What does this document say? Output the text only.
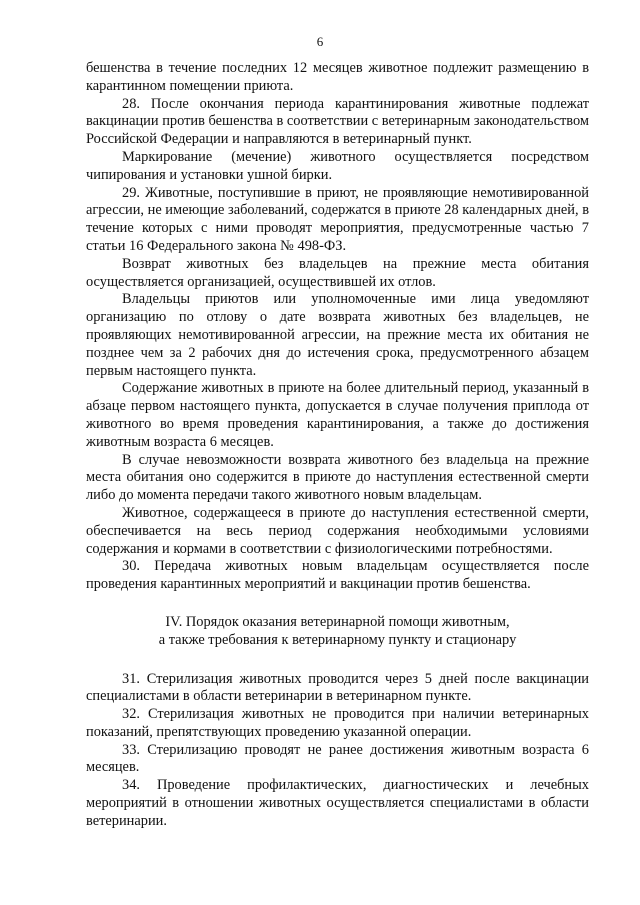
6

бешенства в течение последних 12 месяцев животное подлежит размещению в карантинном помещении приюта.

28. После окончания периода карантинирования животные подлежат вакцинации против бешенства в соответствии с ветеринарным законодательством Российской Федерации и направляются в ветеринарный пункт.

Маркирование (мечение) животного осуществляется посредством чипирования и установки ушной бирки.

29. Животные, поступившие в приют, не проявляющие немотивированной агрессии, не имеющие заболеваний, содержатся в приюте 28 календарных дней, в течение которых с ними проводят мероприятия, предусмотренные частью 7 статьи 16 Федерального закона № 498-ФЗ.

Возврат животных без владельцев на прежние места обитания осуществляется организацией, осуществившей их отлов.

Владельцы приютов или уполномоченные ими лица уведомляют организацию по отлову о дате возврата животных без владельцев, не проявляющих немотивированной агрессии, на прежние места их обитания не позднее чем за 2 рабочих дня до истечения срока, предусмотренного абзацем первым настоящего пункта.

Содержание животных в приюте на более длительный период, указанный в абзаце первом настоящего пункта, допускается в случае получения приплода от животного во время проведения карантинирования, а также до достижения животным возраста 6 месяцев.

В случае невозможности возврата животного без владельца на прежние места обитания оно содержится в приюте до наступления естественной смерти либо до момента передачи такого животного новым владельцам.

Животное, содержащееся в приюте до наступления естественной смерти, обеспечивается на весь период содержания необходимыми условиями содержания и кормами в соответствии с физиологическими потребностями.

30. Передача животных новым владельцам осуществляется после проведения карантинных мероприятий и вакцинации против бешенства.

IV. Порядок оказания ветеринарной помощи животным,
а также требования к ветеринарному пункту и стационару

31. Стерилизация животных проводится через 5 дней после вакцинации специалистами в области ветеринарии в ветеринарном пункте.

32. Стерилизация животных не проводится при наличии ветеринарных показаний, препятствующих проведению указанной операции.

33. Стерилизацию проводят не ранее достижения животным возраста 6 месяцев.

34. Проведение профилактических, диагностических и лечебных мероприятий в отношении животных осуществляется специалистами в области ветеринарии.
